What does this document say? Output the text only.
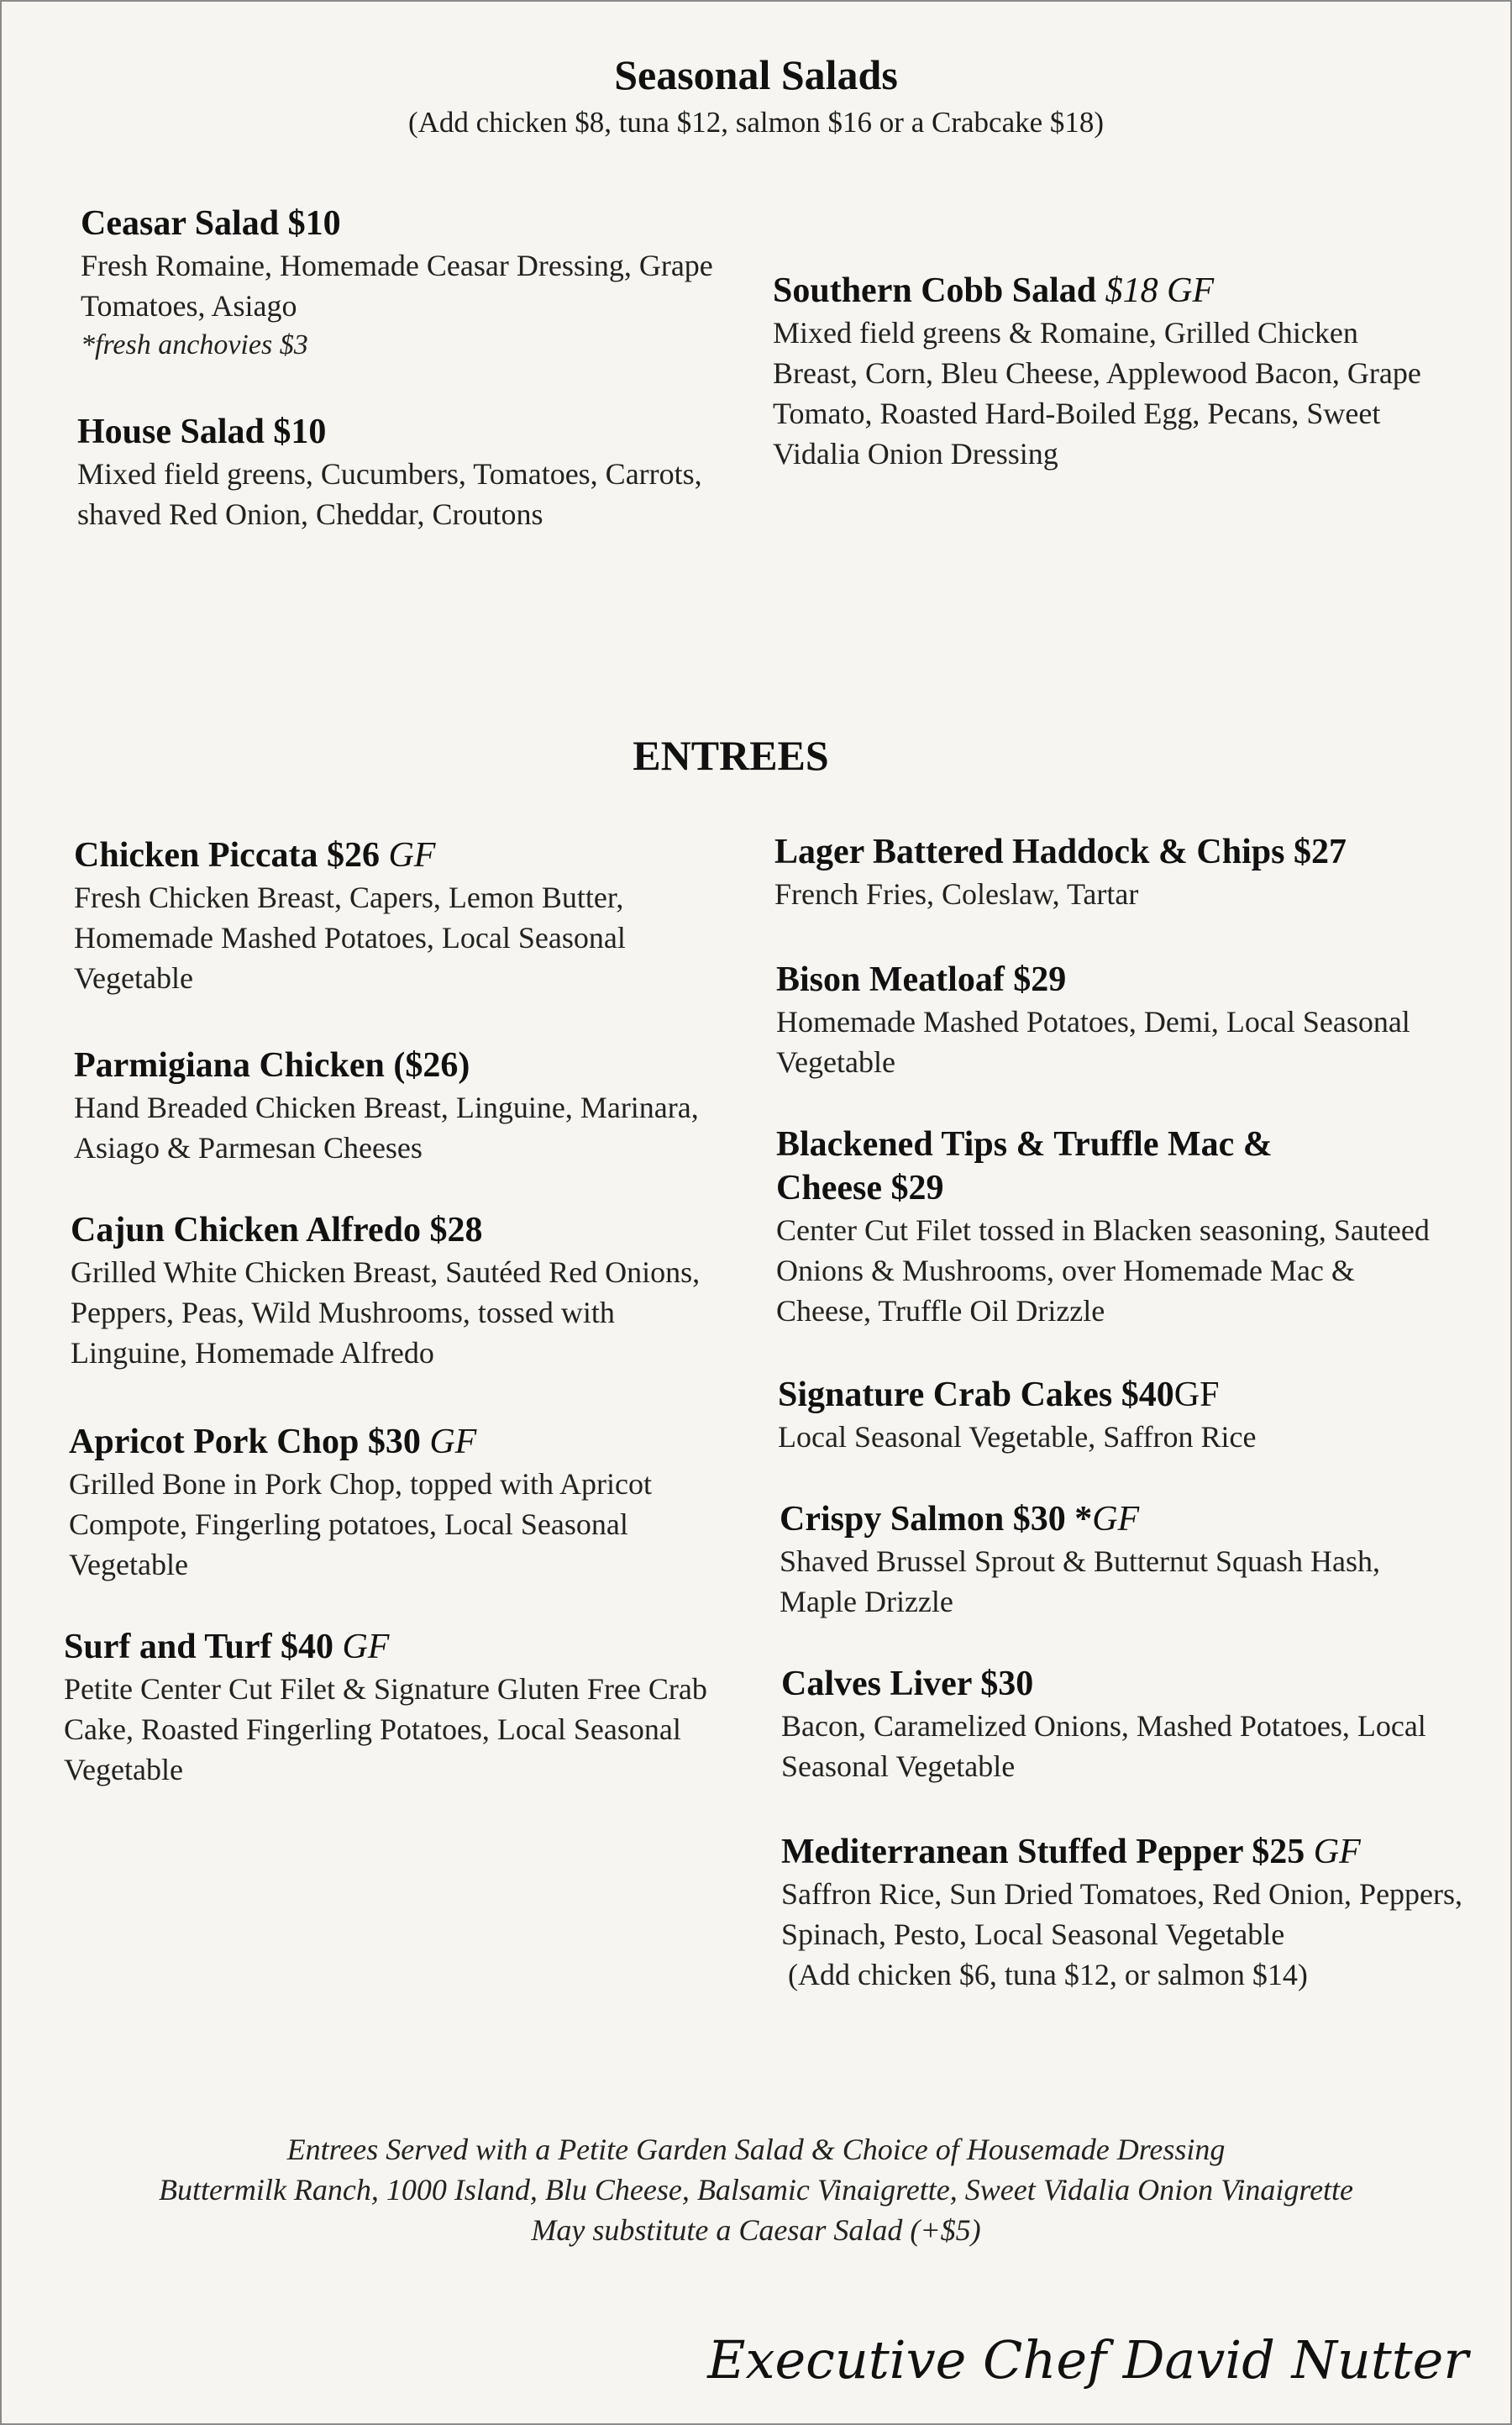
Seasonal Salads
(Add chicken $8, tuna $12, salmon $16 or a Crabcake $18)
Ceasar Salad $10
Fresh Romaine, Homemade Ceasar Dressing, Grape Tomatoes, Asiago
*fresh anchovies $3
House Salad $10
Mixed field greens, Cucumbers, Tomatoes, Carrots, shaved Red Onion, Cheddar, Croutons
Southern Cobb Salad $18 GF
Mixed field greens & Romaine, Grilled Chicken Breast, Corn, Bleu Cheese, Applewood Bacon, Grape Tomato, Roasted Hard-Boiled Egg, Pecans, Sweet Vidalia Onion Dressing
ENTREES
Chicken Piccata $26 GF
Fresh Chicken Breast, Capers, Lemon Butter, Homemade Mashed Potatoes, Local Seasonal Vegetable
Parmigiana Chicken ($26)
Hand Breaded Chicken Breast, Linguine, Marinara, Asiago & Parmesan Cheeses
Cajun Chicken Alfredo $28
Grilled White Chicken Breast, Sautéed Red Onions, Peppers, Peas, Wild Mushrooms, tossed with Linguine, Homemade Alfredo
Apricot Pork Chop $30 GF
Grilled Bone in Pork Chop, topped with Apricot Compote, Fingerling potatoes, Local Seasonal Vegetable
Surf and Turf $40 GF
Petite Center Cut Filet & Signature Gluten Free Crab Cake, Roasted Fingerling Potatoes, Local Seasonal Vegetable
Lager Battered Haddock & Chips $27
French Fries, Coleslaw, Tartar
Bison Meatloaf $29
Homemade Mashed Potatoes, Demi, Local Seasonal Vegetable
Blackened Tips & Truffle Mac & Cheese $29
Center Cut Filet tossed in Blacken seasoning, Sauteed Onions & Mushrooms, over Homemade Mac & Cheese, Truffle Oil Drizzle
Signature Crab Cakes $40GF
Local Seasonal Vegetable, Saffron Rice
Crispy Salmon $30 *GF
Shaved Brussel Sprout & Butternut Squash Hash, Maple Drizzle
Calves Liver $30
Bacon, Caramelized Onions, Mashed Potatoes, Local Seasonal Vegetable
Mediterranean Stuffed Pepper $25 GF
Saffron Rice, Sun Dried Tomatoes, Red Onion, Peppers, Spinach, Pesto, Local Seasonal Vegetable
(Add chicken $6, tuna $12, or salmon $14)
Entrees Served with a Petite Garden Salad & Choice of Housemade Dressing
Buttermilk Ranch, 1000 Island, Blu Cheese, Balsamic Vinaigrette, Sweet Vidalia Onion Vinaigrette
May substitute a Caesar Salad (+$5)
Executive Chef David Nutter
